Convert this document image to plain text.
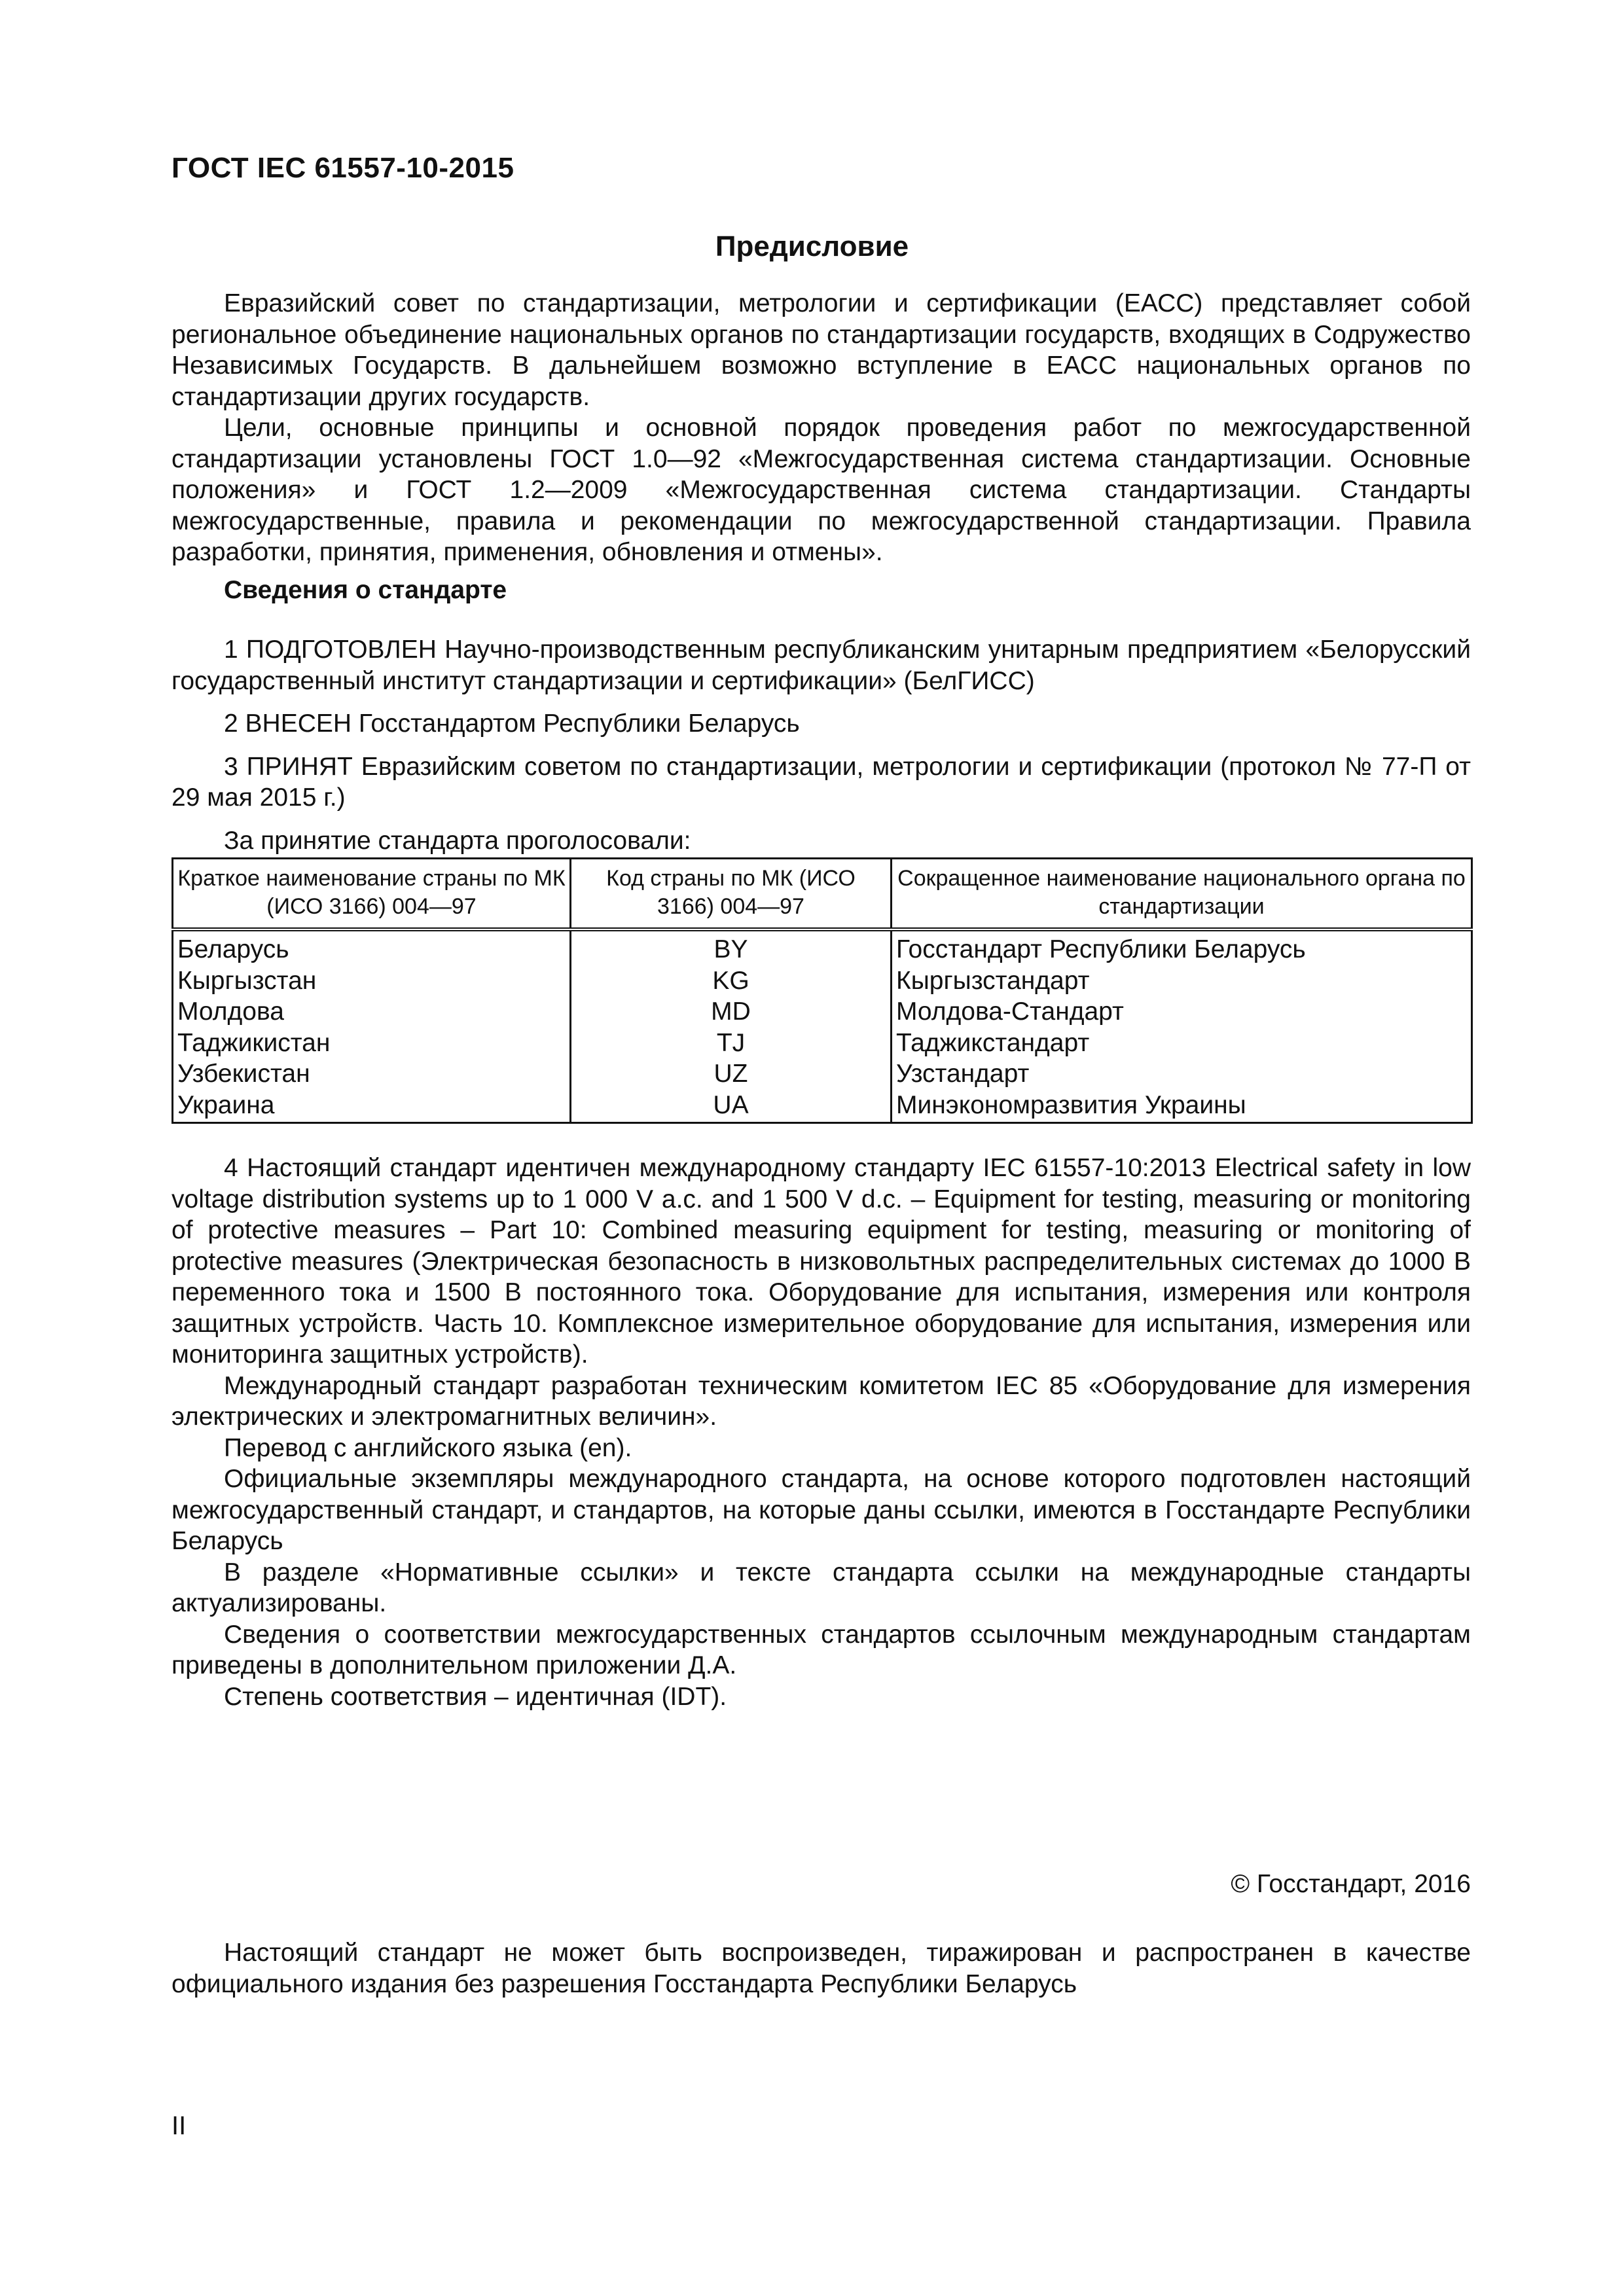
ГОСТ IEC 61557-10-2015
Предисловие

Евразийский совет по стандартизации, метрологии и сертификации (ЕАСС) представляет собой региональное объединение национальных органов по стандартизации государств, входящих в Содружество Независимых Государств. В дальнейшем возможно вступление в ЕАСС национальных органов по стандартизации других государств.

Цели, основные принципы и основной порядок проведения работ по межгосударственной стандартизации установлены ГОСТ 1.0—92 «Межгосударственная система стандартизации. Основные положения» и ГОСТ 1.2—2009 «Межгосударственная система стандартизации. Стандарты межгосударственные, правила и рекомендации по межгосударственной стандартизации. Правила разработки, принятия, применения, обновления и отмены».

Сведения о стандарте

1 ПОДГОТОВЛЕН Научно-производственным республиканским унитарным предприятием «Белорусский государственный институт стандартизации и сертификации» (БелГИСС)

2 ВНЕСЕН Госстандартом Республики Беларусь

3 ПРИНЯТ Евразийским советом по стандартизации, метрологии и сертификации (протокол № 77-П от 29 мая 2015 г.)

За принятие стандарта проголосовали:

Краткое наименование страны по МК (ИСО 3166) 004—97	Код страны по МК (ИСО 3166) 004—97	Сокращенное наименование национального органа по стандартизации
Беларусь	BY	Госстандарт Республики Беларусь
Кыргызстан	KG	Кыргызстандарт
Молдова	MD	Молдова-Стандарт
Таджикистан	TJ	Таджикстандарт
Узбекистан	UZ	Узстандарт
Украина	UA	Минэкономразвития Украины

4 Настоящий стандарт идентичен международному стандарту IEC 61557-10:2013 Electrical safety in low voltage distribution systems up to 1 000 V a.c. and 1 500 V d.c. – Equipment for testing, measuring or monitoring of protective measures – Part 10: Combined measuring equipment for testing, measuring or monitoring of protective measures (Электрическая безопасность в низковольтных распределительных системах до 1000 В переменного тока и 1500 В постоянного тока. Оборудование для испытания, измерения или контроля защитных устройств. Часть 10. Комплексное измерительное оборудование для испытания, измерения или мониторинга защитных устройств).

Международный стандарт разработан техническим комитетом IEC 85 «Оборудование для измерения электрических и электромагнитных величин».

Перевод с английского языка (en).

Официальные экземпляры международного стандарта, на основе которого подготовлен настоящий межгосударственный стандарт, и стандартов, на которые даны ссылки, имеются в Госстандарте Республики Беларусь

В разделе «Нормативные ссылки» и тексте стандарта ссылки на международные стандарты актуализированы.

Сведения о соответствии межгосударственных стандартов ссылочным международным стандартам приведены в дополнительном приложении Д.А.

Степень соответствия – идентичная (IDT).

© Госстандарт, 2016

Настоящий стандарт не может быть воспроизведен, тиражирован и распространен в качестве официального издания без разрешения Госстандарта Республики Беларусь

II
